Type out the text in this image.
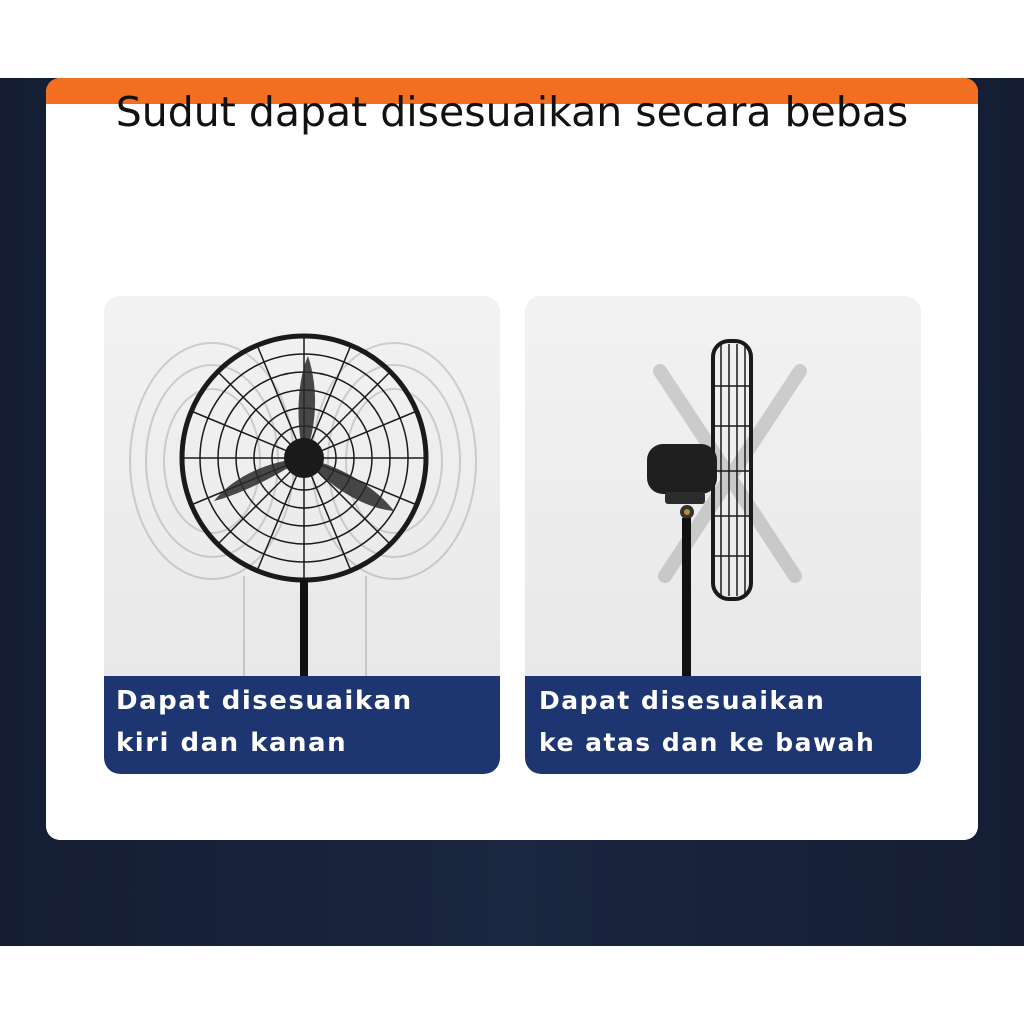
Sudut dapat disesuaikan secara bebas
Dapat disesuaikan
kiri dan kanan
Dapat disesuaikan
ke atas dan ke bawah
